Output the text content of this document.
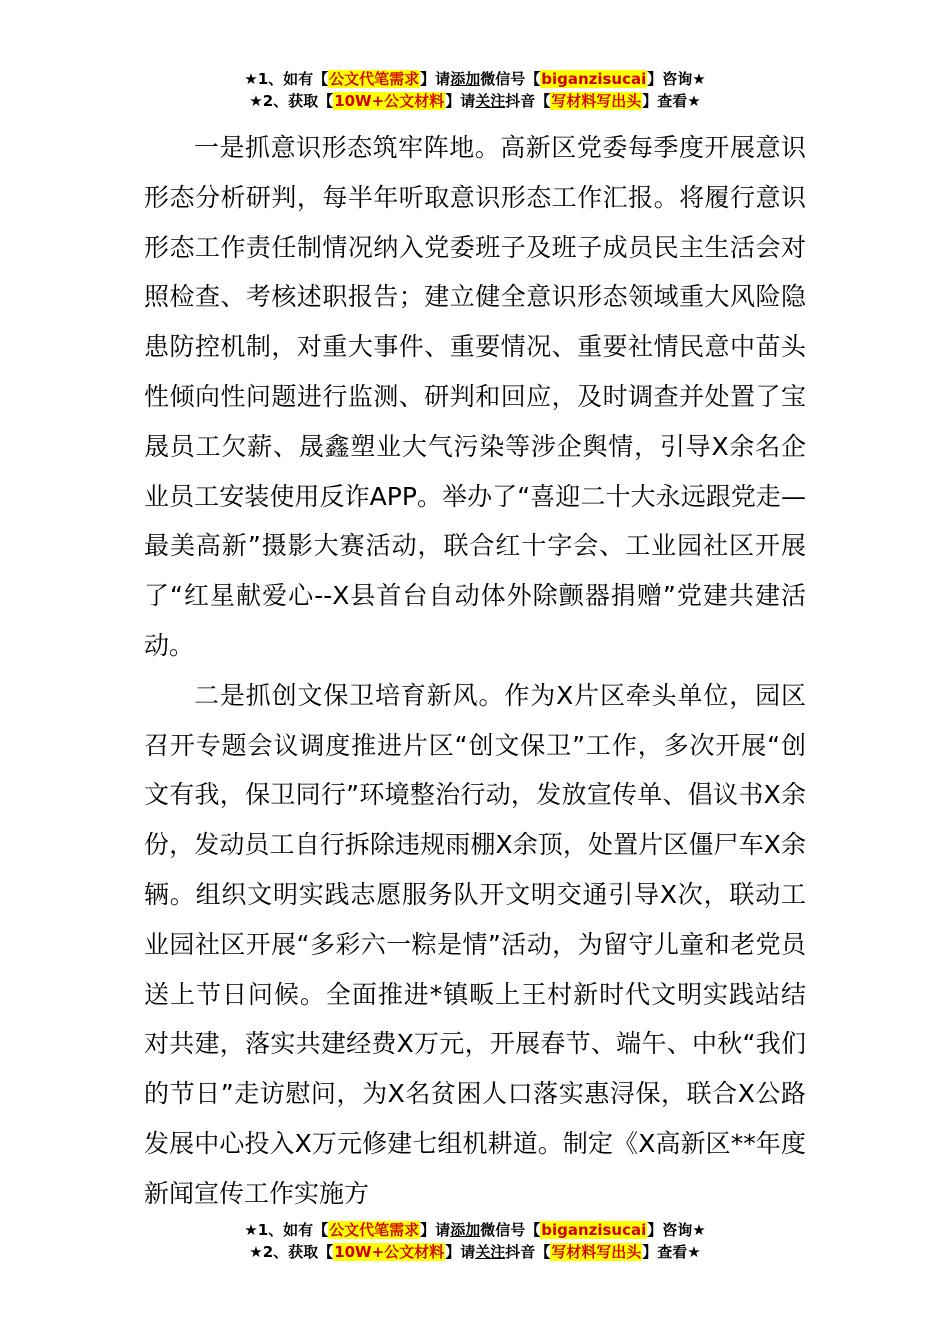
★1、如有【公文代笔需求】请添加微信号【biganzisucai】咨询★
★2、获取【10W+公文材料】请关注抖音【写材料写出头】查看★

一是抓意识形态筑牢阵地。高新区党委每季度开展意识形态分析研判，每半年听取意识形态工作汇报。将履行意识形态工作责任制情况纳入党委班子及班子成员民主生活会对照检查、考核述职报告；建立健全意识形态领域重大风险隐患防控机制，对重大事件、重要情况、重要社情民意中苗头性倾向性问题进行监测、研判和回应，及时调查并处置了宝晟员工欠薪、晟鑫塑业大气污染等涉企舆情，引导X余名企业员工安装使用反诈APP。举办了“喜迎二十大永远跟党走—最美高新”摄影大赛活动，联合红十字会、工业园社区开展了“红星献爱心--X县首台自动体外除颤器捐赠”党建共建活动。

二是抓创文保卫培育新风。作为X片区牵头单位，园区召开专题会议调度推进片区“创文保卫”工作，多次开展“创文有我，保卫同行”环境整治行动，发放宣传单、倡议书X余份，发动员工自行拆除违规雨棚X余顶，处置片区僵尸车X余辆。组织文明实践志愿服务队开文明交通引导X次，联动工业园社区开展“多彩六一粽是情”活动，为留守儿童和老党员送上节日问候。全面推进*镇畈上王村新时代文明实践站结对共建，落实共建经费X万元，开展春节、端午、中秋“我们的节日”走访慰问，为X名贫困人口落实惠浔保，联合X公路发展中心投入X万元修建七组机耕道。制定《X高新区**年度新闻宣传工作实施方

★1、如有【公文代笔需求】请添加微信号【biganzisucai】咨询★
★2、获取【10W+公文材料】请关注抖音【写材料写出头】查看★
